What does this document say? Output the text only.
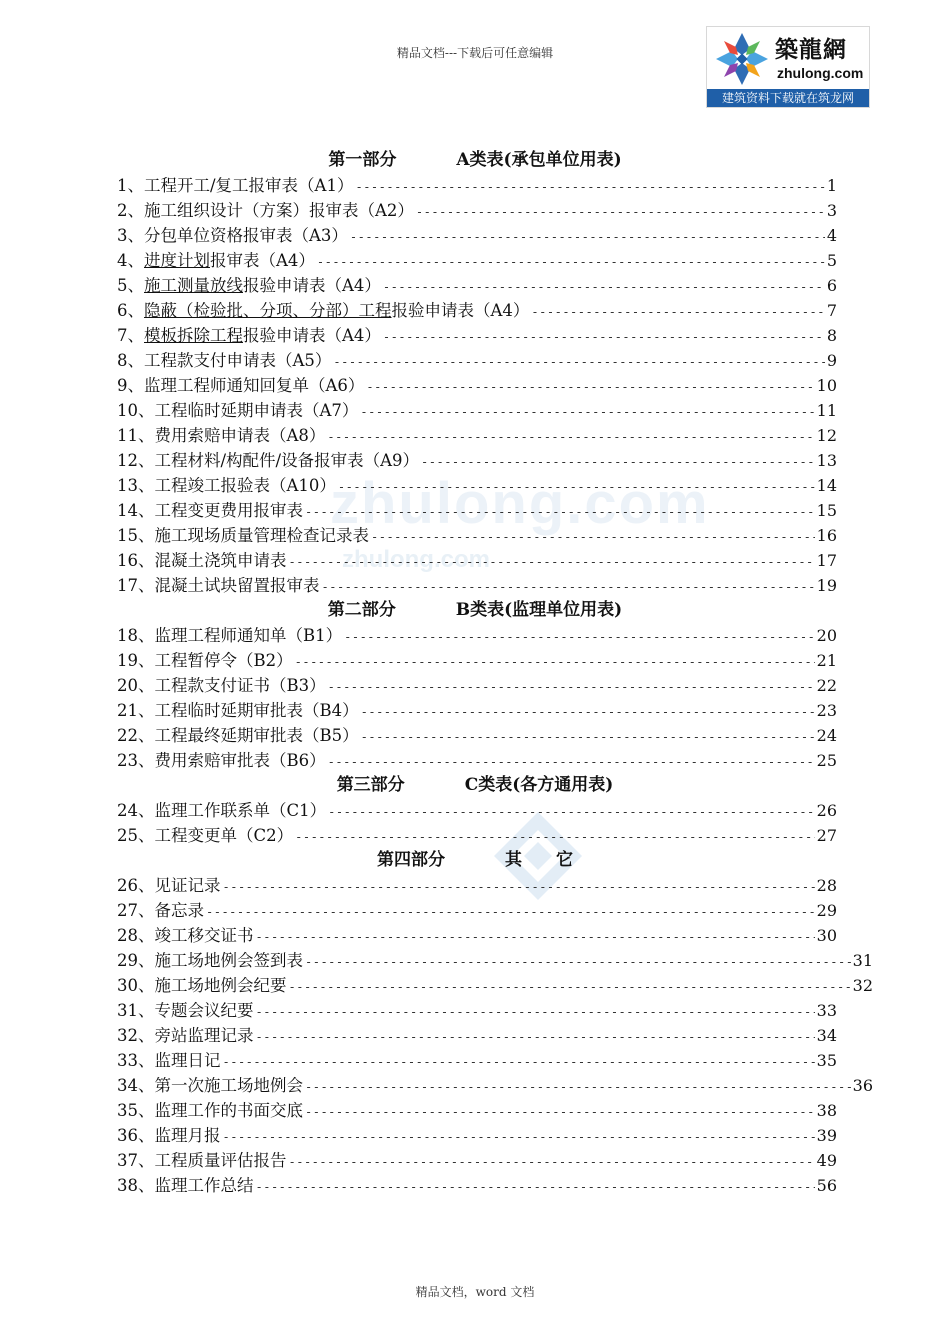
精品文档---下载后可任意编辑	築龍網
zhulong.com
建筑资料下载就在筑龙网
zhulong.com
zhulong.com
第一部分	A类表(承包单位用表)
1、工程开工/复工报审表（A1） -----	1
2、施工组织设计（方案）报审表（A2） -----	3
3、分包单位资格报审表（A3） -----	4
4、 进度计划 报审表（A4） -----	5
5、 施工测量放线 报验申请表（A4） -----	6
6、 隐蔽（检验批、分项、分部）工程 报验申请表（A4） -----	7
7、 模板拆除工程 报验申请表（A4） -----	8
8、工程款支付申请表（A5） -----	9
9、监理工程师通知回复单（A6） -----	10
10、工程临时延期申请表（A7） -----	11
11、费用索赔申请表（A8） -----	12
12、工程材料/构配件/设备报审表（A9） -----	13
13、工程竣工报验表（A10） -----	14
14、工程变更费用报审表 -----	15
15、施工现场质量管理检查记录表 -----	16
16、混凝土浇筑申请表 -----	17
17、混凝土试块留置报审表 -----	19
第二部分	B类表(监理单位用表)
18、监理工程师通知单（B1） -----	20
19、工程暂停令（B2） -----	21
20、工程款支付证书（B3） -----	22
21、工程临时延期审批表（B4） -----	23
22、工程最终延期审批表（B5） -----	24
23、费用索赔审批表（B6） -----	25
第三部分	C类表(各方通用表)
24、监理工作联系单（C1） -----	26
25、工程变更单（C2） -----	27
第四部分	其　　它
26、见证记录 -----	28
27、备忘录 -----	29
28、竣工移交证书 -----	30
29、施工场地例会签到表 -----	31
30、施工场地例会纪要 -----	32
31、专题会议纪要 -----	33
32、旁站监理记录 -----	34
33、监理日记 -----	35
34、第一次施工场地例会 -----	36
35、监理工作的书面交底 -----	38
36、监理月报 -----	39
37、工程质量评估报告 -----	49
38、监理工作总结 -----	56
精品文档，word 文档
